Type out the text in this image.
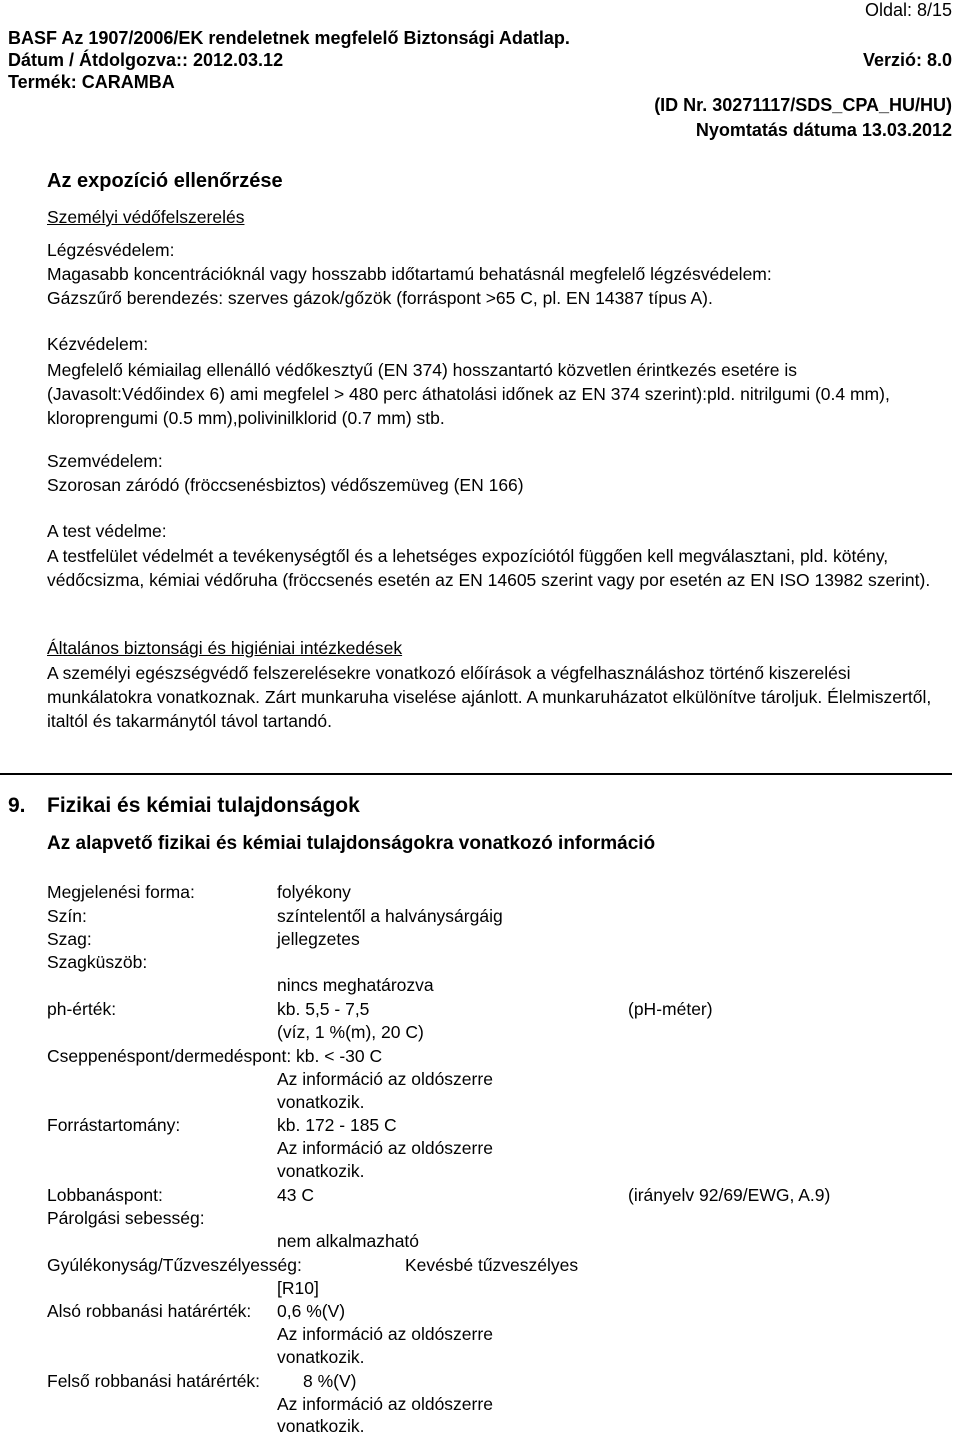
Oldal: 8/15
BASF Az 1907/2006/EK rendeletnek megfelelő Biztonsági Adatlap.
Dátum / Átdolgozva:: 2012.03.12	Verzió: 8.0
Termék: CARAMBA
(ID Nr. 30271117/SDS_CPA_HU/HU)
Nyomtatás dátuma 13.03.2012
Az expozíció ellenőrzése
Személyi védőfelszerelés
Légzésvédelem:
Magasabb koncentrációknál vagy hosszabb időtartamú behatásnál megfelelő légzésvédelem:
Gázszűrő berendezés: szerves gázok/gőzök (forráspont >65 C, pl. EN 14387 típus A).
Kézvédelem:
Megfelelő kémiailag ellenálló védőkesztyű (EN 374) hosszantartó közvetlen érintkezés esetére is (Javasolt:Védőindex 6) ami megfelel > 480 perc áthatolási időnek az EN 374 szerint):pld. nitrilgumi (0.4 mm), kloroprengumi (0.5 mm),polivinilklorid (0.7 mm) stb.
Szemvédelem:
Szorosan záródó (fröccsenésbiztos) védőszemüveg (EN 166)
A test védelme:
A testfelület védelmét a tevékenységtől és a lehetséges expozíciótól függően kell megválasztani, pld. kötény, védőcsizma, kémiai védőruha (fröccsenés esetén az EN 14605 szerint vagy por esetén az EN ISO 13982 szerint).
Általános biztonsági és higiéniai intézkedések
A személyi egészségvédő felszerelésekre vonatkozó előírások a végfelhasználáshoz történő kiszerelési munkálatokra vonatkoznak. Zárt munkaruha viselése ajánlott. A munkaruházatot elkülönítve tároljuk. Élelmiszertől, italtól és takarmánytól távol tartandó.
9. Fizikai és kémiai tulajdonságok
Az alapvető fizikai és kémiai tulajdonságokra vonatkozó információ
Megjelenési forma:	folyékony
Szín:	színtelentől a halványsárgáig
Szag:	jellegzetes
Szagküszöb:
nincs meghatározva
ph-érték:	kb. 5,5 - 7,5	(pH-méter)
(víz, 1 %(m), 20 C)
Cseppenéspont/dermedéspont: kb. < -30 C
Az információ az oldószerre
vonatkozik.
Forrástartomány:	kb. 172 - 185 C
Az információ az oldószerre
vonatkozik.
Lobbanáspont:	43 C	(irányelv 92/69/EWG, A.9)
Párolgási sebesség:
nem alkalmazható
Gyúlékonyság/Tűzveszélyesség:	Kevésbé tűzveszélyes
[R10]
Alsó robbanási határérték: 0,6 %(V)
Az információ az oldószerre
vonatkozik.
Felső robbanási határérték: 8 %(V)
Az információ az oldószerre
vonatkozik.
